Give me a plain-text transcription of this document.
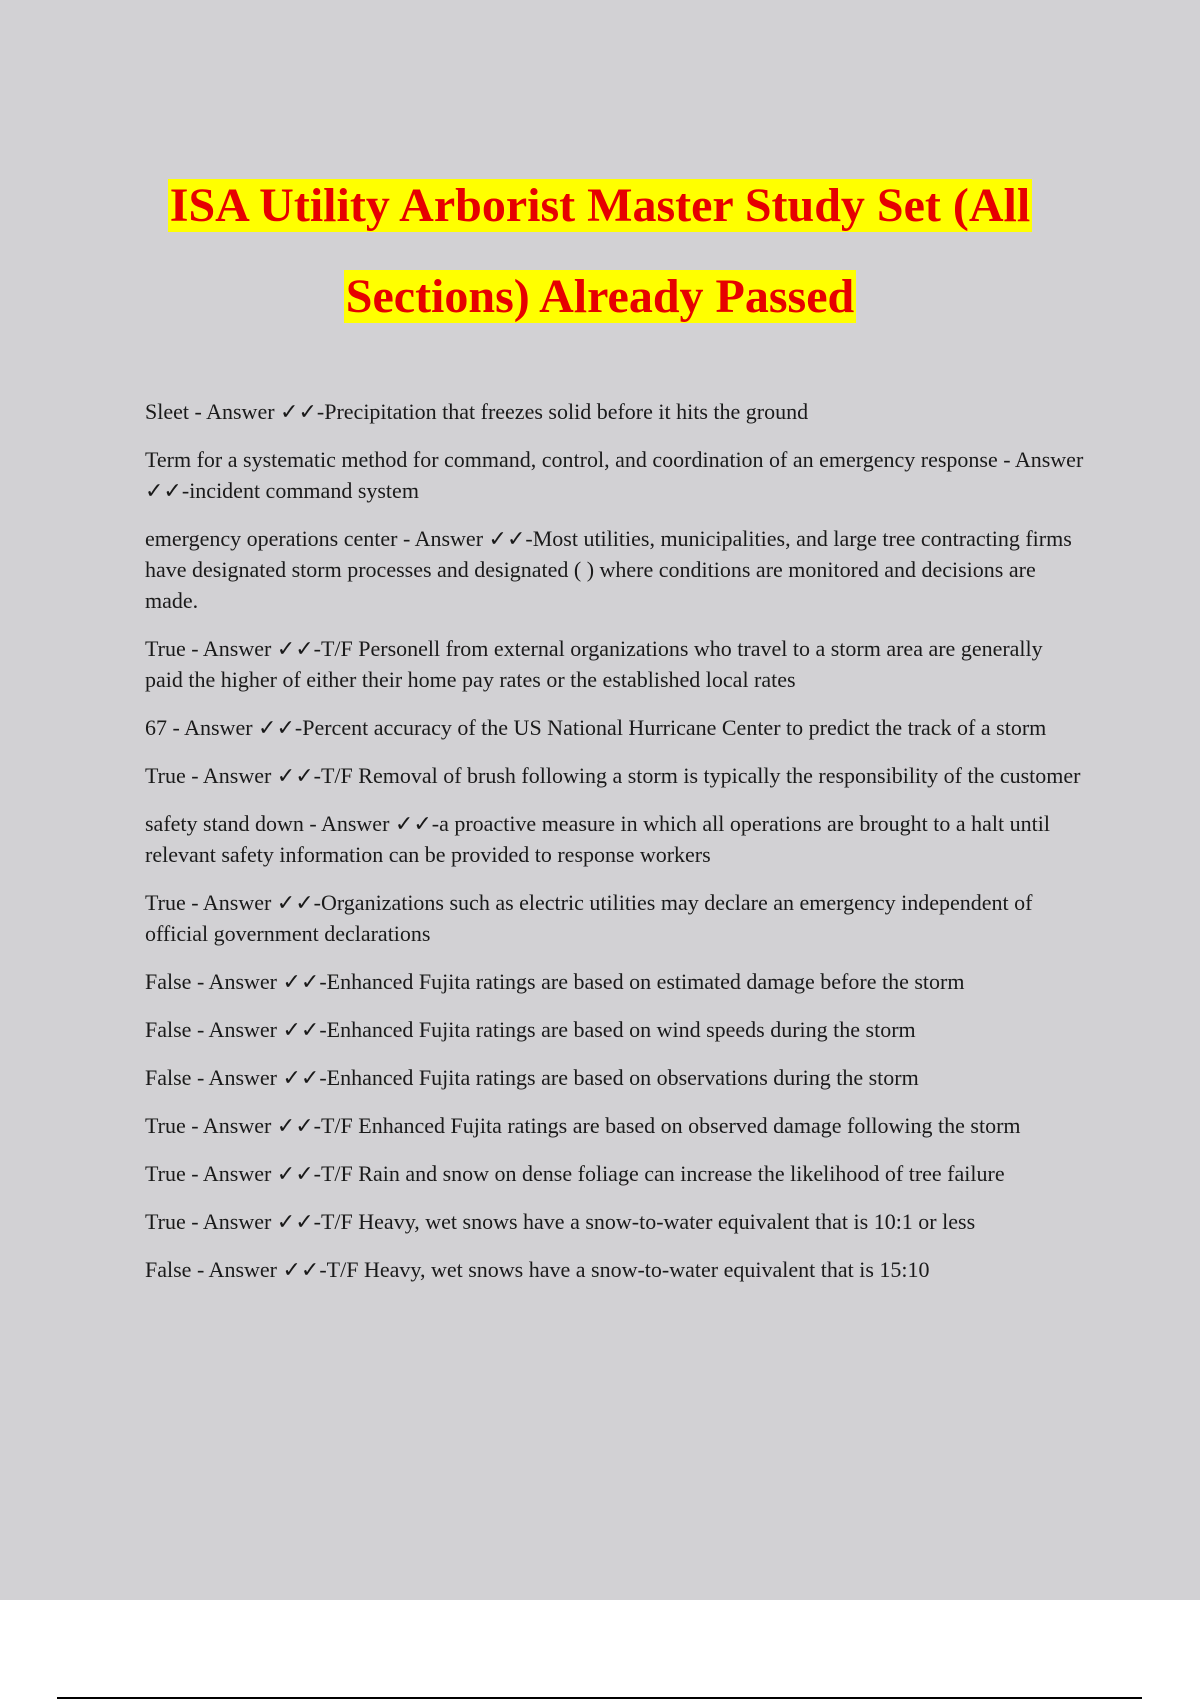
ISA Utility Arborist Master Study Set (All
Sections) Already Passed

Sleet - Answer ✓✓-Precipitation that freezes solid before it hits the ground

Term for a systematic method for command, control, and coordination of an emergency response - Answer ✓✓-incident command system

emergency operations center - Answer ✓✓-Most utilities, municipalities, and large tree contracting firms have designated storm processes and designated ( ) where conditions are monitored and decisions are made.

True - Answer ✓✓-T/F Personell from external organizations who travel to a storm area are generally paid the higher of either their home pay rates or the established local rates

67 - Answer ✓✓-Percent accuracy of the US National Hurricane Center to predict the track of a storm

True - Answer ✓✓-T/F Removal of brush following a storm is typically the responsibility of the customer

safety stand down - Answer ✓✓-a proactive measure in which all operations are brought to a halt until relevant safety information can be provided to response workers

True - Answer ✓✓-Organizations such as electric utilities may declare an emergency independent of official government declarations

False - Answer ✓✓-Enhanced Fujita ratings are based on estimated damage before the storm

False - Answer ✓✓-Enhanced Fujita ratings are based on wind speeds during the storm

False - Answer ✓✓-Enhanced Fujita ratings are based on observations during the storm

True - Answer ✓✓-T/F Enhanced Fujita ratings are based on observed damage following the storm

True - Answer ✓✓-T/F Rain and snow on dense foliage can increase the likelihood of tree failure

True - Answer ✓✓-T/F Heavy, wet snows have a snow-to-water equivalent that is 10:1 or less

False - Answer ✓✓-T/F Heavy, wet snows have a snow-to-water equivalent that is 15:10
